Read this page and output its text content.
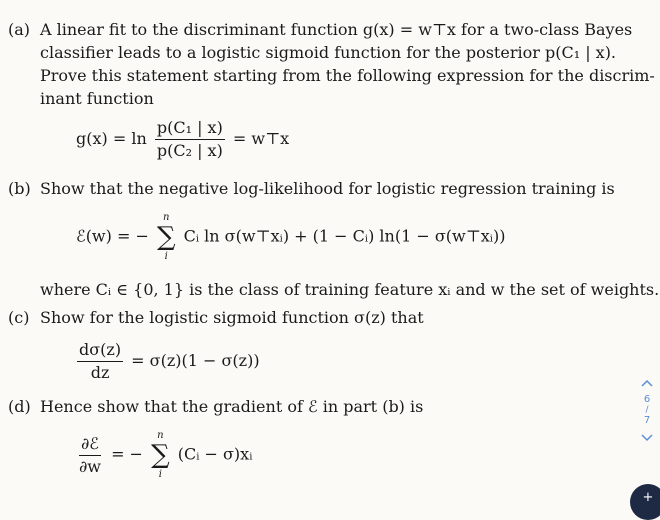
(a) A linear fit to the discriminant function g(x) = w⊤x for a two-class Bayes
classifier leads to a logistic sigmoid function for the posterior p(C₁ | x).
Prove this statement starting from the following expression for the discrim-
inant function
$g(x) = \ln \frac{\text{p(C₁ | x)}}{\text{p(C₂ | x)}}$ = w⊤x
(b) Show that the negative log-likelihood for logistic regression training is
ℰ(w) = −
n
∑
i
Cᵢ ln σ(w⊤xᵢ) + (1 − Cᵢ) ln(1 − σ(w⊤xᵢ))
where Cᵢ ∈ {0, 1} is the class of training feature xᵢ and w the set of weights.
(c) Show for the logistic sigmoid function σ(z) that
$\frac{d\sigma(z)}{dz} = \sigma(z)(1 - \sigma(z))$
(d) Hence show that the gradient of ℰ in part (b) is
$\frac{\text{∂ℰ}}{\partial w}$ = −
n
∑
i
(Cᵢ − σ)xᵢ
6
/
7
+
